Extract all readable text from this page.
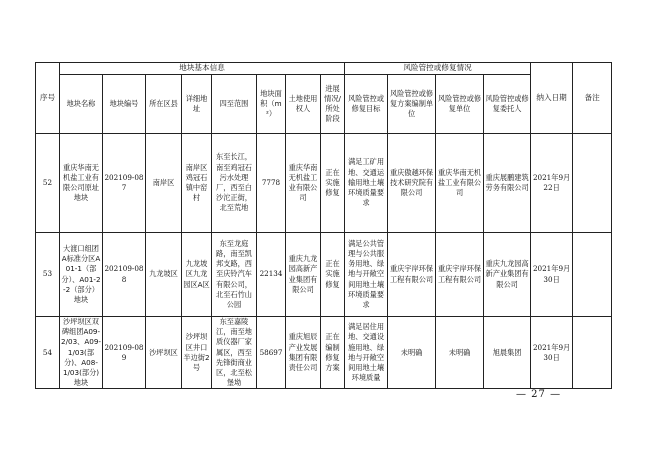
序号	地块基本信息								风险管控或修复情况				纳入日期	备注
	地块名称	地块编号	所在区县	详细地址	四至范围	地块面积（m²）	土地使用权人	进展情况/所处阶段	风险管控或修复目标	风险管控或修复方案编制单位	风险管控或修复单位	风险管控或修复委托人		
52	重庆华南无机盐工业有限公司原址地块	202109-087	南岸区	南岸区鸡冠石镇中窑村	东至长江，南至鸡冠石污水处理厂，西至白沙沱正街，北至荒地	7778	重庆华南无机盐工业有限公司	正在实施修复	满足工矿用地、交通运输用地土壤环境质量要求	重庆傲越环保技术研究院有限公司	重庆华南无机盐工业有限公司	重庆展鹏建筑劳务有限公司	2021年9月22日	
53	大渡口组团A标准分区A01-1（部分）、A01-2-2（部分）地块	202109-088	九龙坡区	九龙坡区九龙园区A区	东至龙庭路，南至凯邦支路，西至庆铃汽车有限公司，北至石竹山公园	22134	重庆九龙园高新产业集团有限公司	正在实施修复	满足公共管理与公共服务用地、绿地与开敞空间用地土壤环境质量要求	重庆宇岸环保工程有限公司	重庆宇岸环保工程有限公司	重庆九龙园高新产业集团有限公司	2021年9月30日	
54	沙坪坝区双碑组团A09-2/03、A09-1/03(部分)、A08-1/03(部分)地块	202109-089	沙坪坝区	沙坪坝区井口半边街2号	东至嘉陵江，南至地质仪器厂家属区，西至先锋街商业区，北至松堡坳	58697	重庆旭辰产业发展集团有限责任公司	正在编制修复方案	满足居住用地、交通设施用地、绿地与开敞空间用地土壤环境质量	未明确	未明确	旭晨集团	2021年9月30日	
— 27 —
